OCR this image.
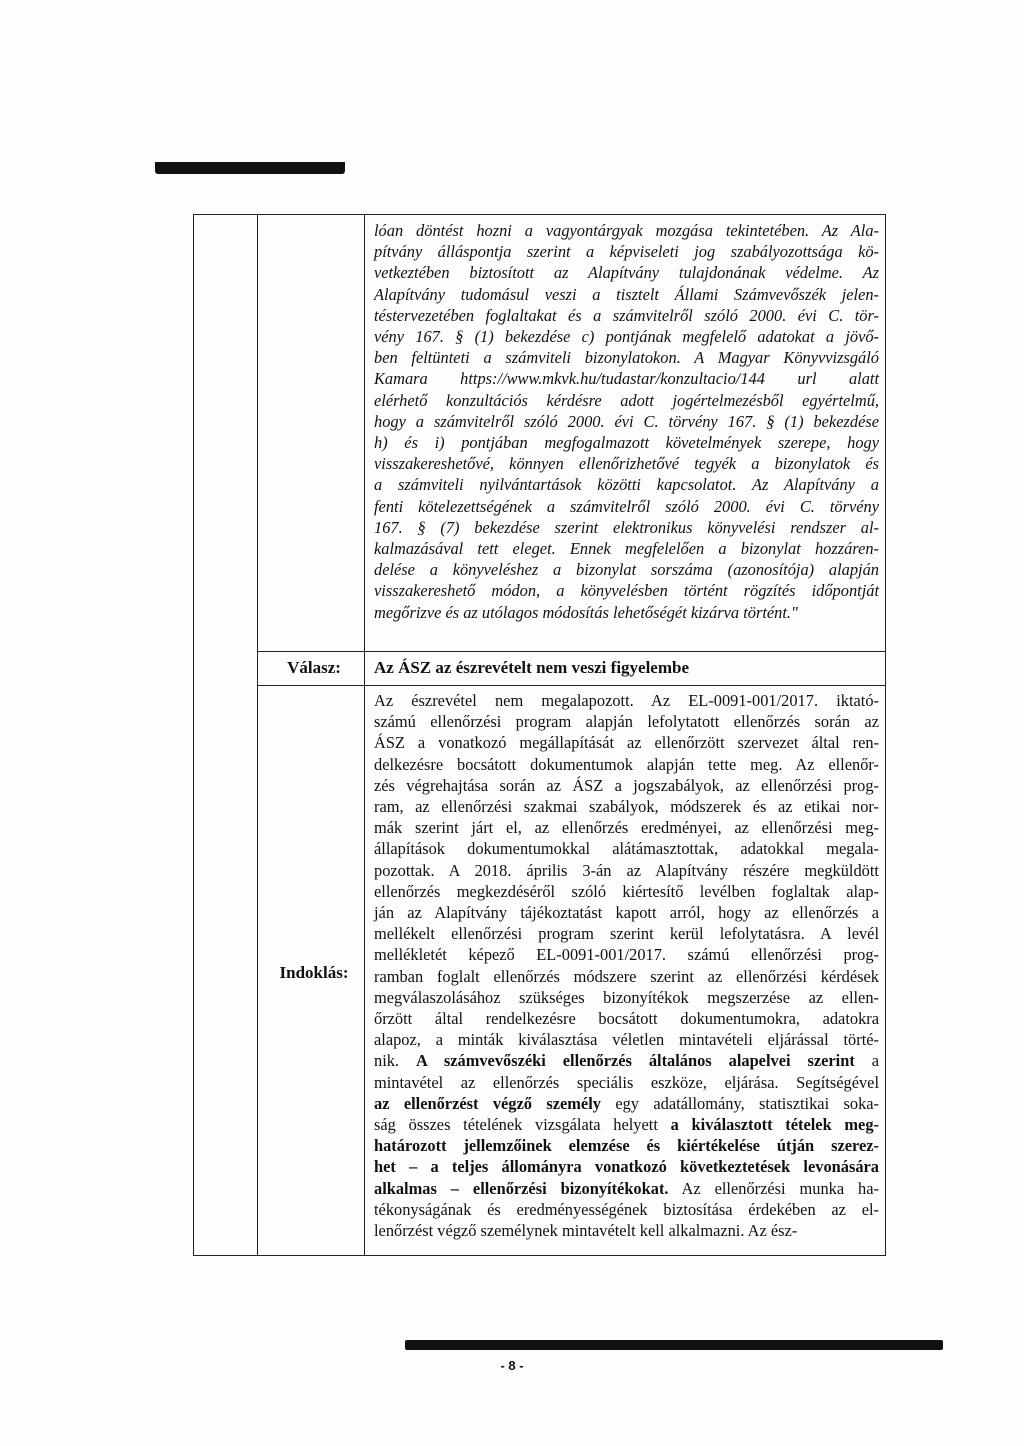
lóan döntést hozni a vagyontárgyak mozgása tekintetében. Az Ala-

pítvány álláspontja szerint a képviseleti jog szabályozottsága kö-

vetkeztében biztosított az Alapítvány tulajdonának védelme. Az

Alapítvány tudomásul veszi a tisztelt Állami Számvevőszék jelen-

téstervezetében foglaltakat és a számvitelről szóló 2000. évi C. tör-

vény 167. § (1) bekezdése c) pontjának megfelelő adatokat a jövő-

ben feltünteti a számviteli bizonylatokon. A Magyar Könyvvizsgáló

Kamara https://www.mkvk.hu/tudastar/konzultacio/144 url alatt

elérhető konzultációs kérdésre adott jogértelmezésből egyértelmű,

hogy a számvitelről szóló 2000. évi C. törvény 167. § (1) bekezdése

h) és i) pontjában megfogalmazott követelmények szerepe, hogy

visszakereshetővé, könnyen ellenőrizhetővé tegyék a bizonylatok és

a számviteli nyilvántartások közötti kapcsolatot. Az Alapítvány a

fenti kötelezettségének a számvitelről szóló 2000. évi C. törvény

167. § (7) bekezdése szerint elektronikus könyvelési rendszer al-

kalmazásával tett eleget. Ennek megfelelően a bizonylat hozzáren-

delése a könyveléshez a bizonylat sorszáma (azonosítója) alapján

visszakereshető módon, a könyvelésben történt rögzítés időpontját

megőrizve és az utólagos módosítás lehetőségét kizárva történt."

Válasz:	Az ÁSZ az észrevételt nem veszi figyelembe
Indoklás:

Az észrevétel nem megalapozott. Az EL-0091-001/2017. iktató-

számú ellenőrzési program alapján lefolytatott ellenőrzés során az

ÁSZ a vonatkozó megállapítását az ellenőrzött szervezet által ren-

delkezésre bocsátott dokumentumok alapján tette meg. Az ellenőr-

zés végrehajtása során az ÁSZ a jogszabályok, az ellenőrzési prog-

ram, az ellenőrzési szakmai szabályok, módszerek és az etikai nor-

mák szerint járt el, az ellenőrzés eredményei, az ellenőrzési meg-

állapítások dokumentumokkal alátámasztottak, adatokkal megala-

pozottak. A 2018. április 3-án az Alapítvány részére megküldött

ellenőrzés megkezdéséről szóló kiértesítő levélben foglaltak alap-

ján az Alapítvány tájékoztatást kapott arról, hogy az ellenőrzés a

mellékelt ellenőrzési program szerint kerül lefolytatásra. A levél

mellékletét képező EL-0091-001/2017. számú ellenőrzési prog-

ramban foglalt ellenőrzés módszere szerint az ellenőrzési kérdések

megválaszolásához szükséges bizonyítékok megszerzése az ellen-

őrzött által rendelkezésre bocsátott dokumentumokra, adatokra

alapoz, a minták kiválasztása véletlen mintavételi eljárással törté-

nik. A számvevőszéki ellenőrzés általános alapelvei szerint a

mintavétel az ellenőrzés speciális eszköze, eljárása. Segítségével

az ellenőrzést végző személy egy adatállomány, statisztikai soka-

ság összes tételének vizsgálata helyett a kiválasztott tételek meg-

határozott jellemzőinek elemzése és kiértékelése útján szerez-

het – a teljes állományra vonatkozó következtetések levonására

alkalmas – ellenőrzési bizonyítékokat. Az ellenőrzési munka ha-

tékonyságának és eredményességének biztosítása érdekében az el-

lenőrzést végző személynek mintavételt kell alkalmazni. Az ész-

- 8 -
